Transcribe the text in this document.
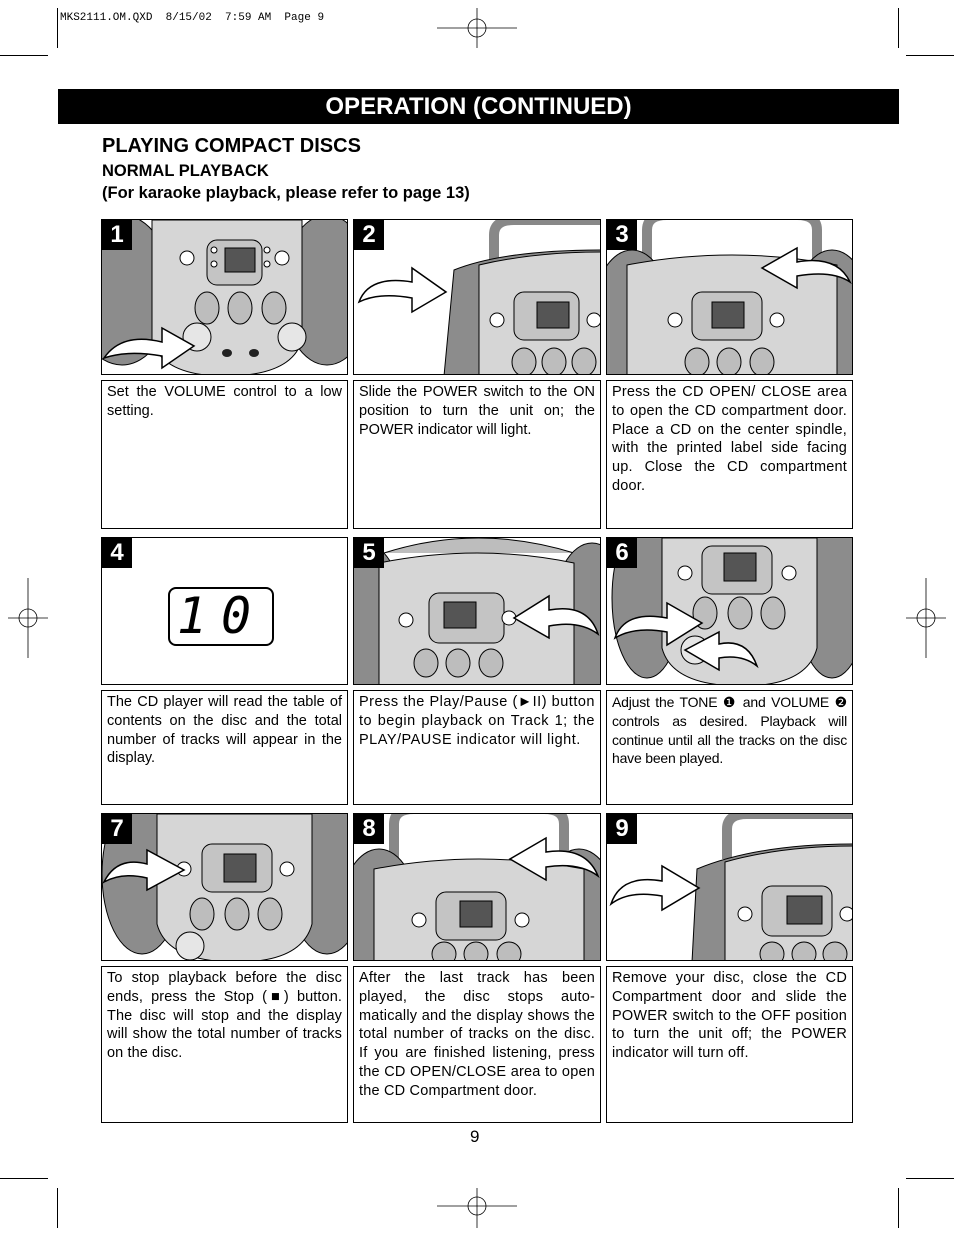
MKS2111.OM.QXD  8/15/02  7:59 AM  Page 9
OPERATION (CONTINUED)
PLAYING COMPACT DISCS
NORMAL PLAYBACK
(For karaoke playback, please refer to page 13)
1	2	3
Set the VOLUME control to a low setting.
Slide the POWER switch to the ON position to turn the unit on; the POWER indicator will light.
Press the CD OPEN/ CLOSE area to open the CD compartment door. Place a CD on the center spindle, with the printed label side facing up. Close the CD compartment door.
4
10
5	6
The CD player will read the table of contents on the disc and the total number of tracks will appear in the display.
Press the Play/Pause (►II) button to begin playback on Track 1; the PLAY/PAUSE indicator will light.
Adjust the TONE ❶ and VOLUME ❷ controls as desired. Playback will continue until all the tracks on the disc have been played.
7	8	9
To stop playback before the disc ends, press the Stop (■) button. The disc will stop and the display will show the total number of tracks on the disc.
After the last track has been played, the disc stops auto-matically and the display shows the total number of tracks on the disc. If you are finished listening, press the CD OPEN/CLOSE area to open the CD Compartment door.
Remove your disc, close the CD Compartment door and slide the POWER switch to the OFF position to turn the unit off; the POWER indicator will turn off.
9
